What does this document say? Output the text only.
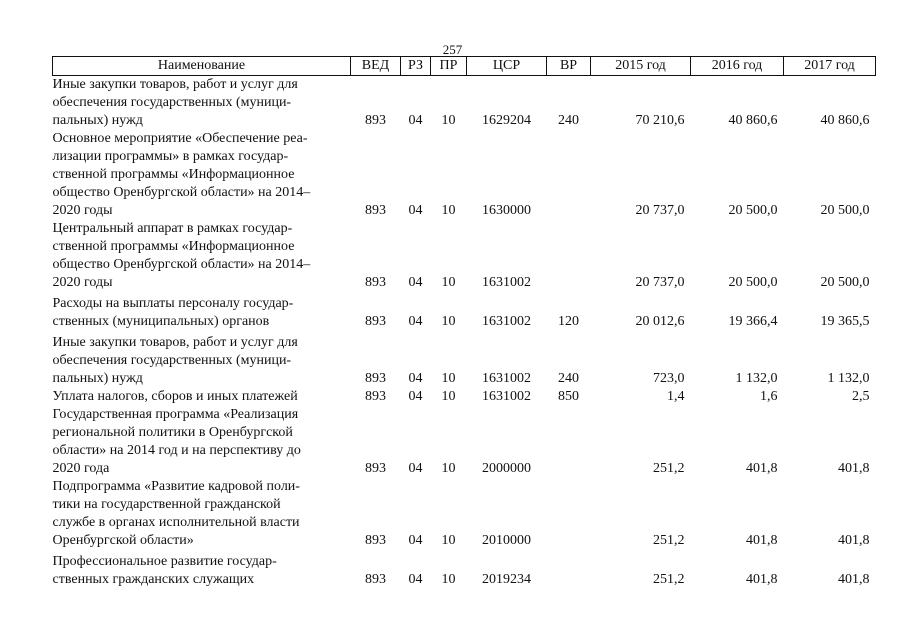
257
Наименование	ВЕД	РЗ	ПР	ЦСР	ВР	2015 год	2016 год	2017 год

Иные закупки товаров, работ и услуг для
обеспечения государственных (муници-
пальных) нужд	893	04	10	1629204	240	70 210,6	40 860,6	40 860,6

Основное мероприятие «Обеспечение реа-
лизации программы» в рамках государ-
ственной программы «Информационное
общество Оренбургской области» на 2014–
2020 годы	893	04	10	1630000		20 737,0	20 500,0	20 500,0

Центральный аппарат в рамках государ-
ственной программы «Информационное
общество Оренбургской области» на 2014–
2020 годы	893	04	10	1631002		20 737,0	20 500,0	20 500,0

Расходы на выплаты персоналу государ-
ственных (муниципальных) органов	893	04	10	1631002	120	20 012,6	19 366,4	19 365,5

Иные закупки товаров, работ и услуг для
обеспечения государственных (муници-
пальных) нужд	893	04	10	1631002	240	723,0	1 132,0	1 132,0

Уплата налогов, сборов и иных платежей	893	04	10	1631002	850	1,4	1,6	2,5

Государственная программа «Реализация
региональной политики в Оренбургской
области» на 2014 год и на перспективу до
2020 года	893	04	10	2000000		251,2	401,8	401,8

Подпрограмма «Развитие кадровой поли-
тики на государственной гражданской
службе в органах исполнительной власти
Оренбургской области»	893	04	10	2010000		251,2	401,8	401,8

Профессиональное развитие государ-
ственных гражданских служащих	893	04	10	2019234		251,2	401,8	401,8
